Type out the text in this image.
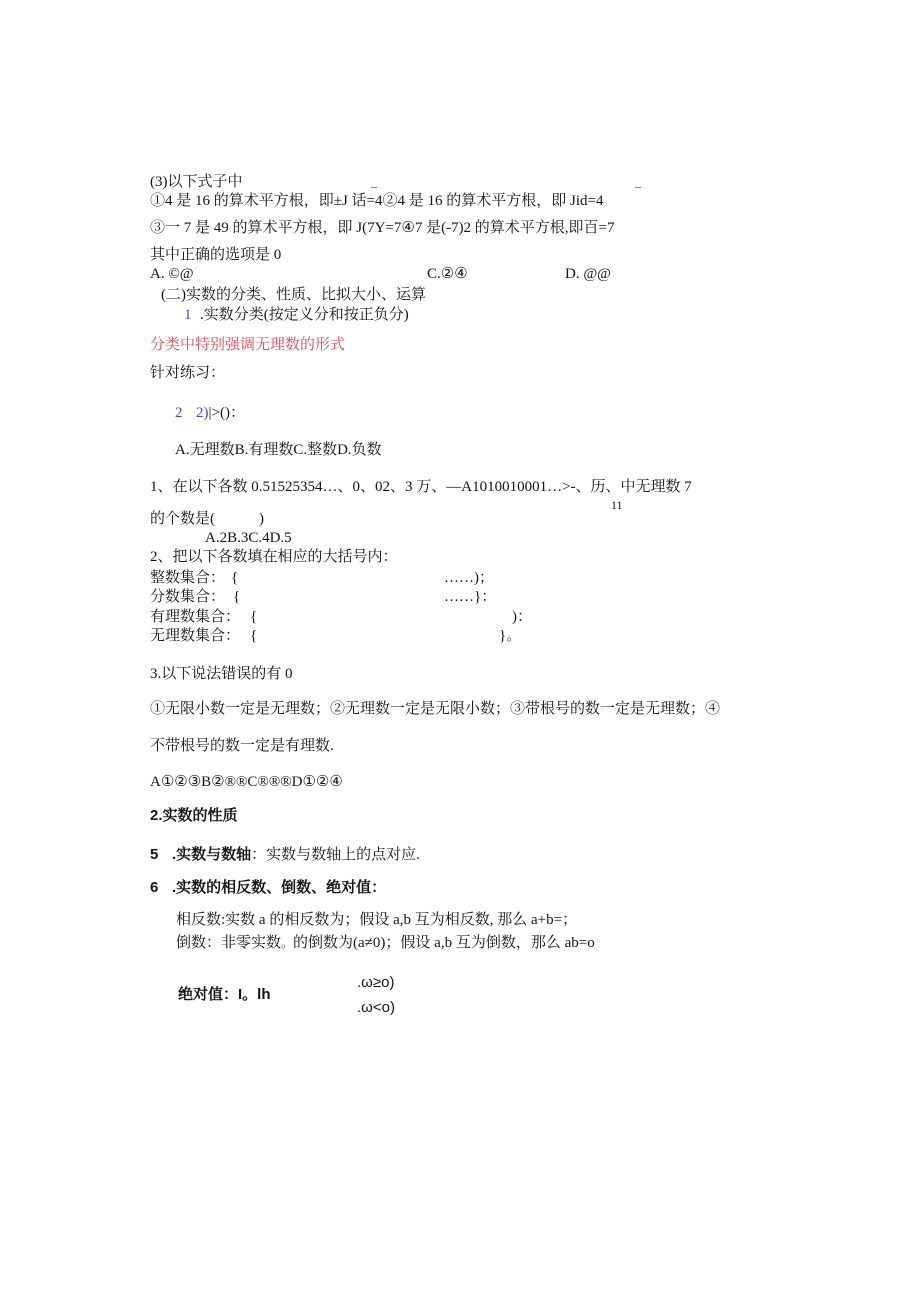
(3)以下式子中	–	–
①4 是 16 的算术平方根，即±J 话=4②4 是 16 的算术平方根，即 Jid=4
③一 7 是 49 的算术平方根，即 J(7Y=7④7 是(-7)2 的算术平方根,即百=7
其中正确的选项是 0
A. ©@	C.②④	D. @@
(二)实数的分类、性质、比拟大小、运算
1 .实数分类(按定义分和按正负分)
分类中特别强调无理数的形式
针对练习：
2 2)|>()：
A.无理数B.有理数C.整数D.负数
1、在以下各数 0.51525354…、0、02、3 万、—A1010010001…>-、历、中无理数 7
11
的个数是(	)
A.2B.3C.4D.5
2、把以下各数填在相应的大括号内：
整数集合： {	……)；
分数集合： {	……}：
有理数集合： {	)：
无理数集合： {	}。
3.以下说法错误的有 0
①无限小数一定是无理数；②无理数一定是无限小数；③带根号的数一定是无理数；④
不带根号的数一定是有理数.
A①②③B②®®C®®®D①②④
2.实数的性质
5 .实数与数轴：实数与数轴上的点对应.
6 .实数的相反数、倒数、绝对值：
相反数:实数 a 的相反数为；假设 a,b 互为相反数, 那么 a+b=；
倒数：非零实数。的倒数为(a≠0)；假设 a,b 互为倒数，那么 ab=o
绝对值：I。lh
.ω≥o)
.ω<o)
